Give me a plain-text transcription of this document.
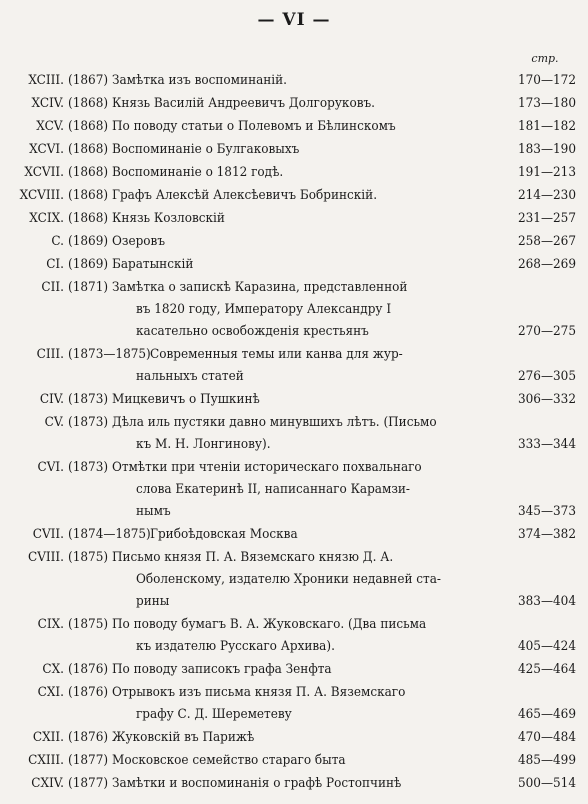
— VI —
стр.
XCIII. (1867) Замѣтка изъ воспоминаній.	170—172
XCIV. (1868) Князь Василій Андреевичъ Долгоруковъ.	173—180
XCV. (1868) По поводу статьи о Полевомъ и Бѣлинскомъ	181—182
XCVI. (1868) Воспоминаніе о Булгаковыхъ	183—190
XCVII. (1868) Воспоминаніе о 1812 годѣ.	191—213
XCVIII. (1868) Графъ Алексѣй Алексѣевичъ Бобринскій.	214—230
XCIX. (1868) Князь Козловскій	231—257
C. (1869) Озеровъ	258—267
CI. (1869) Баратынскій	268—269
CII. (1871) Замѣтка о запискѣ Каразина, представленной
въ 1820 году, Императору Александру I
касательно освобожденія крестьянъ	270—275
CIII. (1873—1875) Современныя темы или канва для жур-
нальныхъ статей	276—305
CIV. (1873) Мицкевичъ о Пушкинѣ	306—332
CV. (1873) Дѣла иль пустяки давно минувшихъ лѣтъ. (Письмо
къ М. Н. Лонгинову).	333—344
CVI. (1873) Отмѣтки при чтеніи историческаго похвальнаго
слова Екатеринѣ II, написаннаго Карамзи-
нымъ	345—373
CVII. (1874—1875) Грибоѣдовская Москва	374—382
CVIII. (1875) Письмо князя П. А. Вяземскаго князю Д. А.
Оболенскому, издателю Хроники недавней ста-
рины	383—404
CIX. (1875) По поводу бумагъ В. А. Жуковскаго. (Два письма
къ издателю Русскаго Архива).	405—424
CX. (1876) По поводу записокъ графа Зенфта	425—464
CXI. (1876) Отрывокъ изъ письма князя П. А. Вяземскаго
графу С. Д. Шереметеву	465—469
CXII. (1876) Жуковскій въ Парижѣ	470—484
CXIII. (1877) Московское семейство стараго быта	485—499
CXIV. (1877) Замѣтки и воспоминанія о графѣ Ростопчинѣ	500—514
